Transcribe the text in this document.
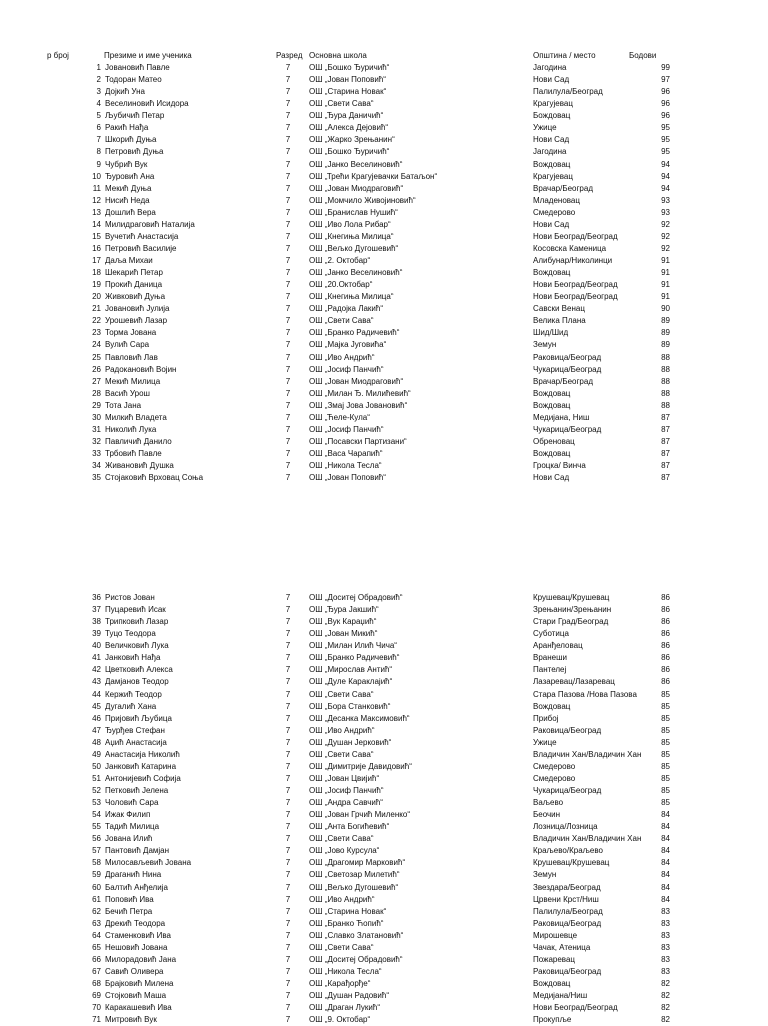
р број	Презиме и име ученика	Разред Основна школа	Општина / место	Бодови
1 Јовановић Павле	7	ОШ „Бошко Ђуричић“	Јагодина	99
2 Тодоран Матео	7	ОШ „Јован Поповић“	Нови Сад	97
3 Дојкић Уна	7	ОШ „Старина Новак“	Палилула/Београд	96
4 Веселиновић Исидора	7	ОШ „Свети Сава“	Крагујевац	96
5 Љубичић Петар	7	ОШ „Ђура Даничић“	Бождовац	96
6 Ракић Нађа	7	ОШ „Алекса Дејовић“	Ужице	95
7 Шкорић Дуња	7	ОШ „Жарко Зрењанин“	Нови Сад	95
8 Петровић Дуња	7	ОШ „Бошко Ђуричић“	Јагодина	95
9 Чубрић Вук	7	ОШ „Јанко Веселиновић“	Вождовац	94
10 Ђуровић Ана	7	ОШ „Трећи Крагујевачки Батаљон“	Крагујевац	94
11 Мекић Дуња	7	ОШ „Јован Миодраговић“	Врачар/Београд	94
12 Нисић Неда	7	ОШ „Момчило Живојиновић“	Младеновац	93
13 Дошлић Вера	7	ОШ „Бранислав Нушић“	Смедерово	93
14 Милидраговић Наталија	7	ОШ „Иво Лола Рибар“	Нови Сад	92
15 Вучетић Анастасија	7	ОШ „Кнегиња Милица“	Нови Београд/Београд	92
16 Петровић Василије	7	ОШ „Вељко Дугошевић“	Косовска Каменица	92
17 Даља Михаи	7	ОШ „2. Октобар“	Алибунар/Николинци	91
18 Шекарић Петар	7	ОШ „Јанко Веселиновић“	Вождовац	91
19 Прокић Даница	7	ОШ „20.Октобар“	Нови Београд/Београд	91
20 Живковић Дуња	7	ОШ „Кнегиња Милица“	Нови Београд/Београд	91
21 Јовановић Јулија	7	ОШ „Радојка Лакић“	Савски Венац	90
22 Урошевић Лазар	7	ОШ „Свети Сава“	Велика Плана	89
23 Торма Јована	7	ОШ „Бранко Радичевић“	Шид/Шид	89
24 Вулић Сара	7	ОШ „Мајка Југовића“	Земун	89
25 Павловић Лав	7	ОШ „Иво Андрић“	Раковица/Београд	88
26 Радокановић Војин	7	ОШ „Јосиф Панчић“	Чукарица/Београд	88
27 Мекић Милица	7	ОШ „Јован Миодраговић“	Врачар/Београд	88
28 Васић Урош	7	ОШ „Милан Ђ. Милићевић“	Вождовац	88
29 Тота Јана	7	ОШ „Змај Јова Јовановић“	Вождовац	88
30 Милкић Владета	7	ОШ „Ћеле-Кула“	Медијана, Ниш	87
31 Николић Лука	7	ОШ „Јосиф Панчић“	Чукарица/Београд	87
32 Павличић Данило	7	ОШ „Посавски Партизани“	Обреновац	87
33 Трбовић Павле	7	ОШ „Васа Чарапић“	Вождовац	87
34 Живановић Душка	7	ОШ „Никола Тесла“	Гроцка/ Винча	87
35 Стојаковић Врховац Соња	7	ОШ „Јован Поповић“	Нови Сад	87
36 Ристов Јован	7	ОШ „Доситеј Обрадовић“	Крушевац/Крушевац	86
37 Пуцаревић Исак	7	ОШ „Ђура Јакшић“	Зрењанин/Зрењанин	86
38 Трипковић Лазар	7	ОШ „Вук Караџић“	Стари Град/Београд	86
39 Туцо Теодора	7	ОШ „Јован Микић“	Суботица	86
40 Величковић Лука	7	ОШ „Милан Илић Чича“	Аранђеловац	86
41 Јанковић Нађа	7	ОШ „Бранко Радичевић“	Вранеши	86
42 Цветковић Алекса	7	ОШ „Мирослав Антић“	Пантелеј	86
43 Дамјанов Теодор	7	ОШ „Дуле Караклајић“	Лазаревац/Лазаревац	86
44 Кержић Теодор	7	ОШ „Свети Сава“	Стара Пазова /Нова Пазова	85
45 Дугалић Хана	7	ОШ „Бора Станковић“	Вождовац	85
46 Пријовић Љубица	7	ОШ „Десанка Максимовић“	Прибој	85
47 Ђурђев Стефан	7	ОШ „Иво Андрић“	Раковица/Београд	85
48 Аџић Анастасија	7	ОШ „Душан Јерковић“	Ужице	85
49 Анастасија Николић	7	ОШ „Свети Сава“	Владичин Хан/Владичин Хан	85
50 Јанковић Катарина	7	ОШ „Димитрије Давидовић“	Смедерово	85
51 Антонијевић Софија	7	ОШ „Јован Цвијић“	Смедерово	85
52 Петковић Јелена	7	ОШ „Јосиф Панчић“	Чукарица/Београд	85
53 Чоловић Сара	7	ОШ „Андра Савчић“	Ваљево	85
54 Ижак Филип	7	ОШ „Јован Грчић Миленко“	Беочин	84
55 Тадић Милица	7	ОШ „Анта Богићевић“	Лозница/Лозница	84
56 Јована Илић	7	ОШ „Свети Сава“	Владичин Хан/Владичин Хан	84
57 Пантовић Дамјан	7	ОШ „Јово Курсула“	Краљево/Краљево	84
58 Милосављевић Јована	7	ОШ „Драгомир Марковић“	Крушевац/Крушевац	84
59 Драганић Нина	7	ОШ „Светозар Милетић“	Земун	84
60 Балтић Анђелија	7	ОШ „Вељко Дугошевић“	Звездара/Београд	84
61 Поповић Ива	7	ОШ „Иво Андрић“	Црвени Крст/Ниш	84
62 Бечић Петра	7	ОШ „Старина Новак“	Палилула/Београд	83
63 Дрекић Теодора	7	ОШ „Бранко Ћопић“	Раковица/Београд	83
64 Стаменковић Ива	7	ОШ „Славко Златановић“	Мирошевце	83
65 Нешовић Јована	7	ОШ „Свети Сава“	Чачак, Атеница	83
66 Милорадовић Јана	7	ОШ „Доситеј Обрадовић“	Пожаревац	83
67 Савић Оливера	7	ОШ „Никола Тесла“	Раковица/Београд	83
68 Брајковић Милена	7	ОШ „Карађорђе“	Вождовац	82
69 Стојковић Маша	7	ОШ „Душан Радовић“	Медијана/Ниш	82
70 Каракашевић Ива	7	ОШ „Драган Лукић“	Нови Београд/Београд	82
71 Митровић Вук	7	ОШ „9. Октобар“	Прокупље	82
